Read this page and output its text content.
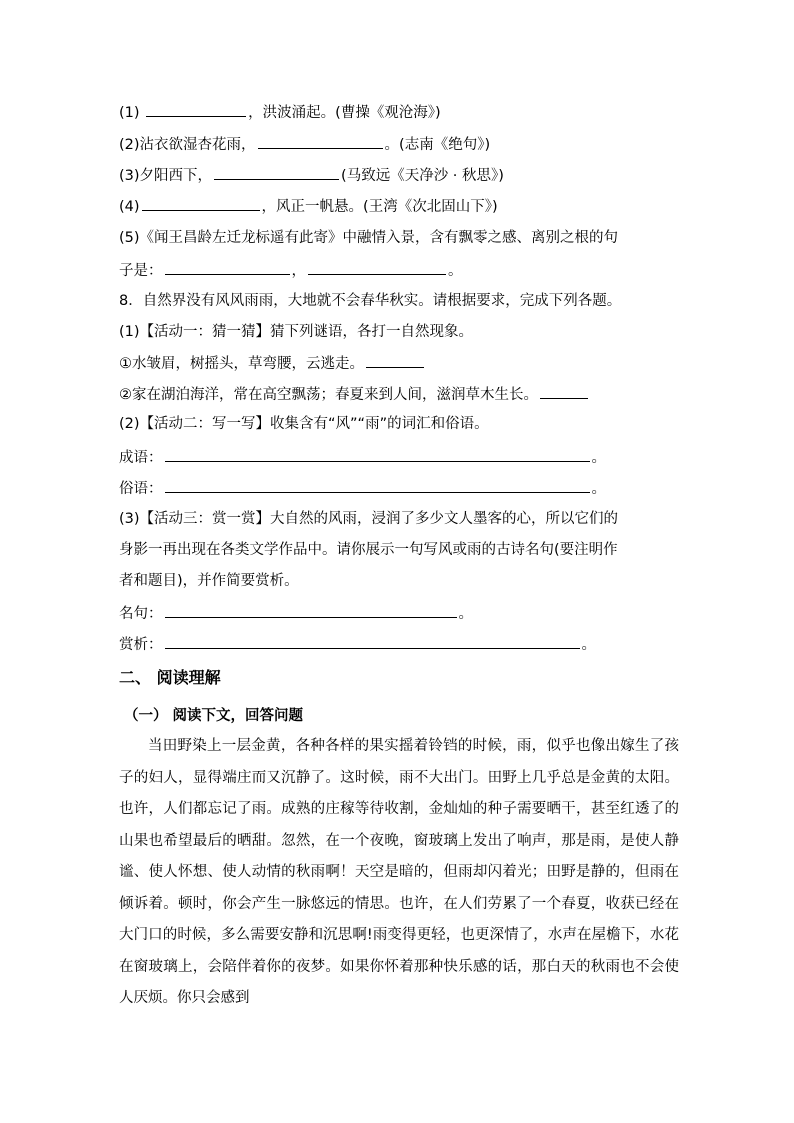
(1)	，洪波涌起。(曹操《观沧海》)
(2)沾衣欲湿杏花雨，	。(志南《绝句》)
(3)夕阳西下，	(马致远《天净沙 · 秋思》)
(4)	，风正一帆悬。(王湾《次北固山下》)
(5)《闻王昌龄左迁龙标遥有此寄》中融情入景，含有飘零之感、离别之根的句
子是：	，	。
8．自然界没有风风雨雨，大地就不会春华秋实。请根据要求，完成下列各题。
(1)【活动一：猜一猜】猜下列谜语，各打一自然现象。
①水皱眉，树摇头，草弯腰，云逃走。
②家在湖泊海洋，常在高空飘荡；春夏来到人间，滋润草木生长。
(2)【活动二：写一写】收集含有“风”“雨”的词汇和俗语。
成语：	。
俗语：	。
(3)【活动三：赏一赏】大自然的风雨，浸润了多少文人墨客的心，所以它们的
身影一再出现在各类文学作品中。请你展示一句写风或雨的古诗名句(要注明作
者和题目)，并作简要赏析。
名句：	。
赏析：	。
二、 阅读理解
（一） 阅读下文，回答问题

当田野染上一层金黄，各种各样的果实摇着铃铛的时候，雨，似乎也像出嫁生了孩子的妇人，显得端庄而又沉静了。这时候，雨不大出门。田野上几乎总是金黄的太阳。也许，人们都忘记了雨。成熟的庄稼等待收割，金灿灿的种子需要晒干，甚至红透了的山果也希望最后的晒甜。忽然，在一个夜晚，窗玻璃上发出了响声，那是雨，是使人静谧、使人怀想、使人动情的秋雨啊！天空是暗的，但雨却闪着光；田野是静的，但雨在倾诉着。顿时，你会产生一脉悠远的情思。也许，在人们劳累了一个春夏，收获已经在大门口的时候，多么需要安静和沉思啊!雨变得更轻，也更深情了，水声在屋檐下，水花在窗玻璃上，会陪伴着你的夜梦。如果你怀着那种快乐感的话，那白天的秋雨也不会使人厌烦。你只会感到
